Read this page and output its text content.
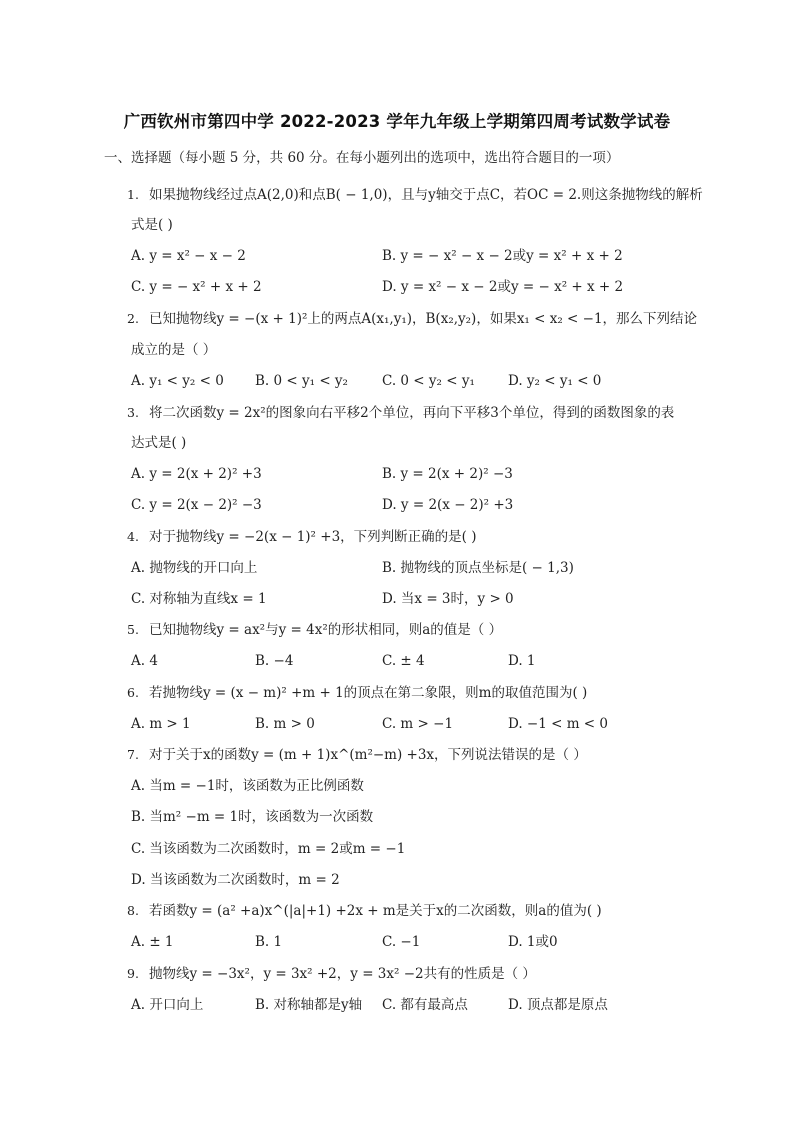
广西钦州市第四中学 2022-2023 学年九年级上学期第四周考试数学试卷
一、选择题（每小题 5 分，共 60 分。在每小题列出的选项中，选出符合题目的一项）
1. 如果抛物线经过点A(2,0)和点B( − 1,0)，且与y轴交于点C，若OC = 2.则这条抛物线的解析
式是( )
A. y = x² − x − 2	B. y = − x² − x − 2或y = x² + x + 2
C. y = − x² + x + 2	D. y = x² − x − 2或y = − x² + x + 2
2. 已知抛物线y = −(x + 1)²上的两点A(x₁,y₁)，B(x₂,y₂)，如果x₁ < x₂ < −1，那么下列结论
成立的是（ ）
A. y₁ < y₂ < 0 B. 0 < y₁ < y₂	C. 0 < y₂ < y₁ D. y₂ < y₁ < 0
3. 将二次函数y = 2x²的图象向右平移2个单位，再向下平移3个单位，得到的函数图象的表
达式是( )
A. y = 2(x + 2)² +3	B. y = 2(x + 2)² −3
C. y = 2(x − 2)² −3	D. y = 2(x − 2)² +3
4. 对于抛物线y = −2(x − 1)² +3，下列判断正确的是( )
A. 抛物线的开口向上	B. 抛物线的顶点坐标是( − 1,3)
C. 对称轴为直线x = 1	D. 当x = 3时，y > 0
5. 已知抛物线y = ax²与y = 4x²的形状相同，则a的值是（ ）
A. 4	B. −4	C. ± 4	D. 1
6. 若抛物线y = (x − m)² +m + 1的顶点在第二象限，则m的取值范围为( )
A. m > 1	B. m > 0	C. m > −1	D. −1 < m < 0
7. 对于关于x的函数y = (m + 1)x^(m²−m) +3x，下列说法错误的是（ ）
A. 当m = −1时，该函数为正比例函数
B. 当m² −m = 1时，该函数为一次函数
C. 当该函数为二次函数时，m = 2或m = −1
D. 当该函数为二次函数时，m = 2
8. 若函数y = (a² +a)x^(|a|+1) +2x + m是关于x的二次函数，则a的值为( )
A. ± 1	B. 1	C. −1	D. 1或0
9. 抛物线y = −3x²，y = 3x² +2，y = 3x² −2共有的性质是（ ）
A. 开口向上	B. 对称轴都是y轴 C. 都有最高点	D. 顶点都是原点
